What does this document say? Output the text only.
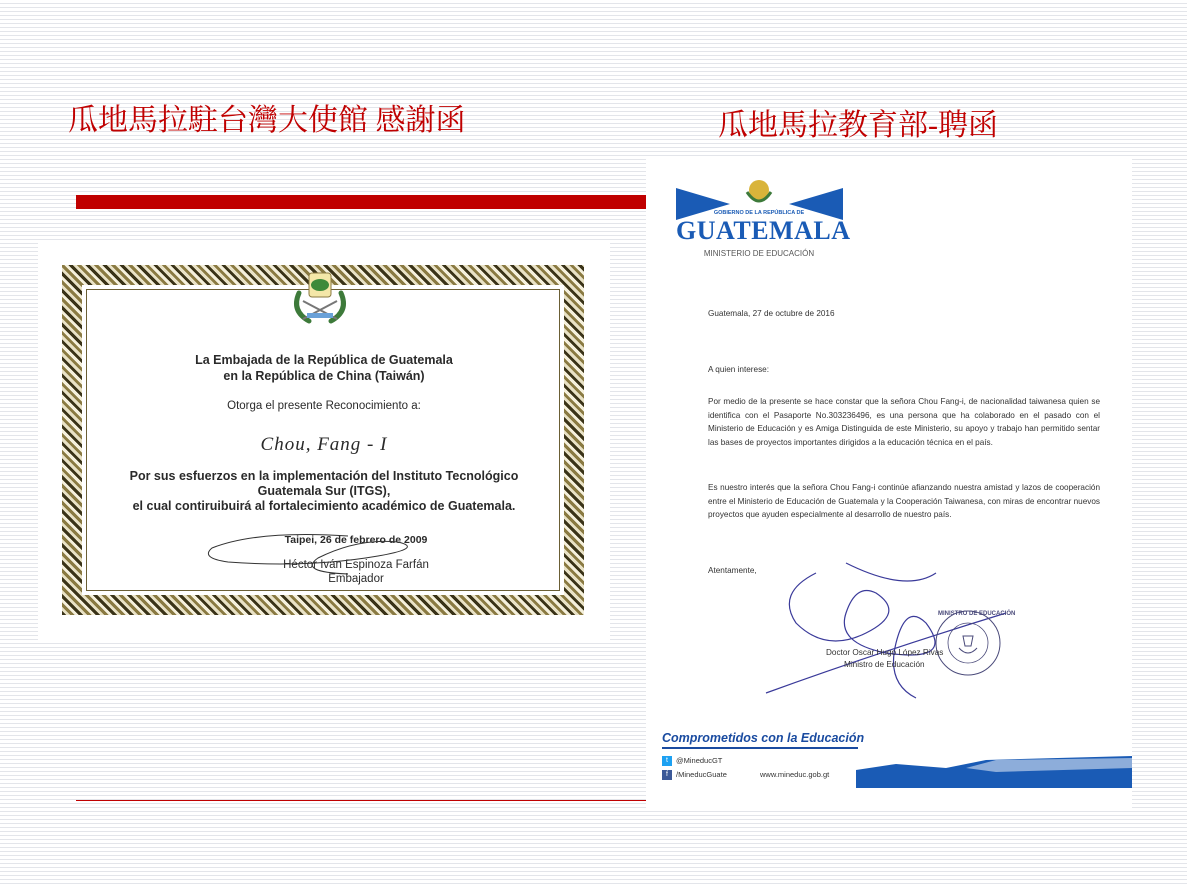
瓜地馬拉駐台灣大使館 感謝函	瓜地馬拉教育部-聘函
La Embajada de la República de Guatemala
en la República de China (Taiwán)
Otorga el presente Reconocimiento a:
Chou, Fang - I
Por sus esfuerzos en la implementación del Instituto Tecnológico
Guatemala Sur (ITGS),
el cual contiruibuirá al fortalecimiento académico de Guatemala.
Taipei, 26 de febrero de 2009
Héctor Iván Espinoza Farfán
Embajador
GOBIERNO DE LA REPÚBLICA DE
GUATEMALA
MINISTERIO DE EDUCACIÓN
Guatemala, 27 de octubre de 2016
A quien interese:
Por medio de la presente se hace constar que la señora Chou Fang-i, de nacionalidad taiwanesa quien se identifica con el Pasaporte No.303236496, es una persona que ha colaborado en el pasado con el Ministerio de Educación y es Amiga Distinguida de este Ministerio, su apoyo y trabajo han permitido sentar las bases de proyectos importantes dirigidos a la educación técnica en el país.
Es nuestro interés que la señora Chou Fang-i continúe afianzando nuestra amistad y lazos de cooperación entre el Ministerio de Educación de Guatemala y la Cooperación Taiwanesa, con miras de encontrar nuevos proyectos que ayuden especialmente al desarrollo de nuestro país.
Atentamente,
MINISTRO DE EDUCACIÓN
Doctor Oscar Hugo López Rivas
Ministro de Educación
Comprometidos con la Educación
t	@MineducGT
f	/MineducGuate	www.mineduc.gob.gt
